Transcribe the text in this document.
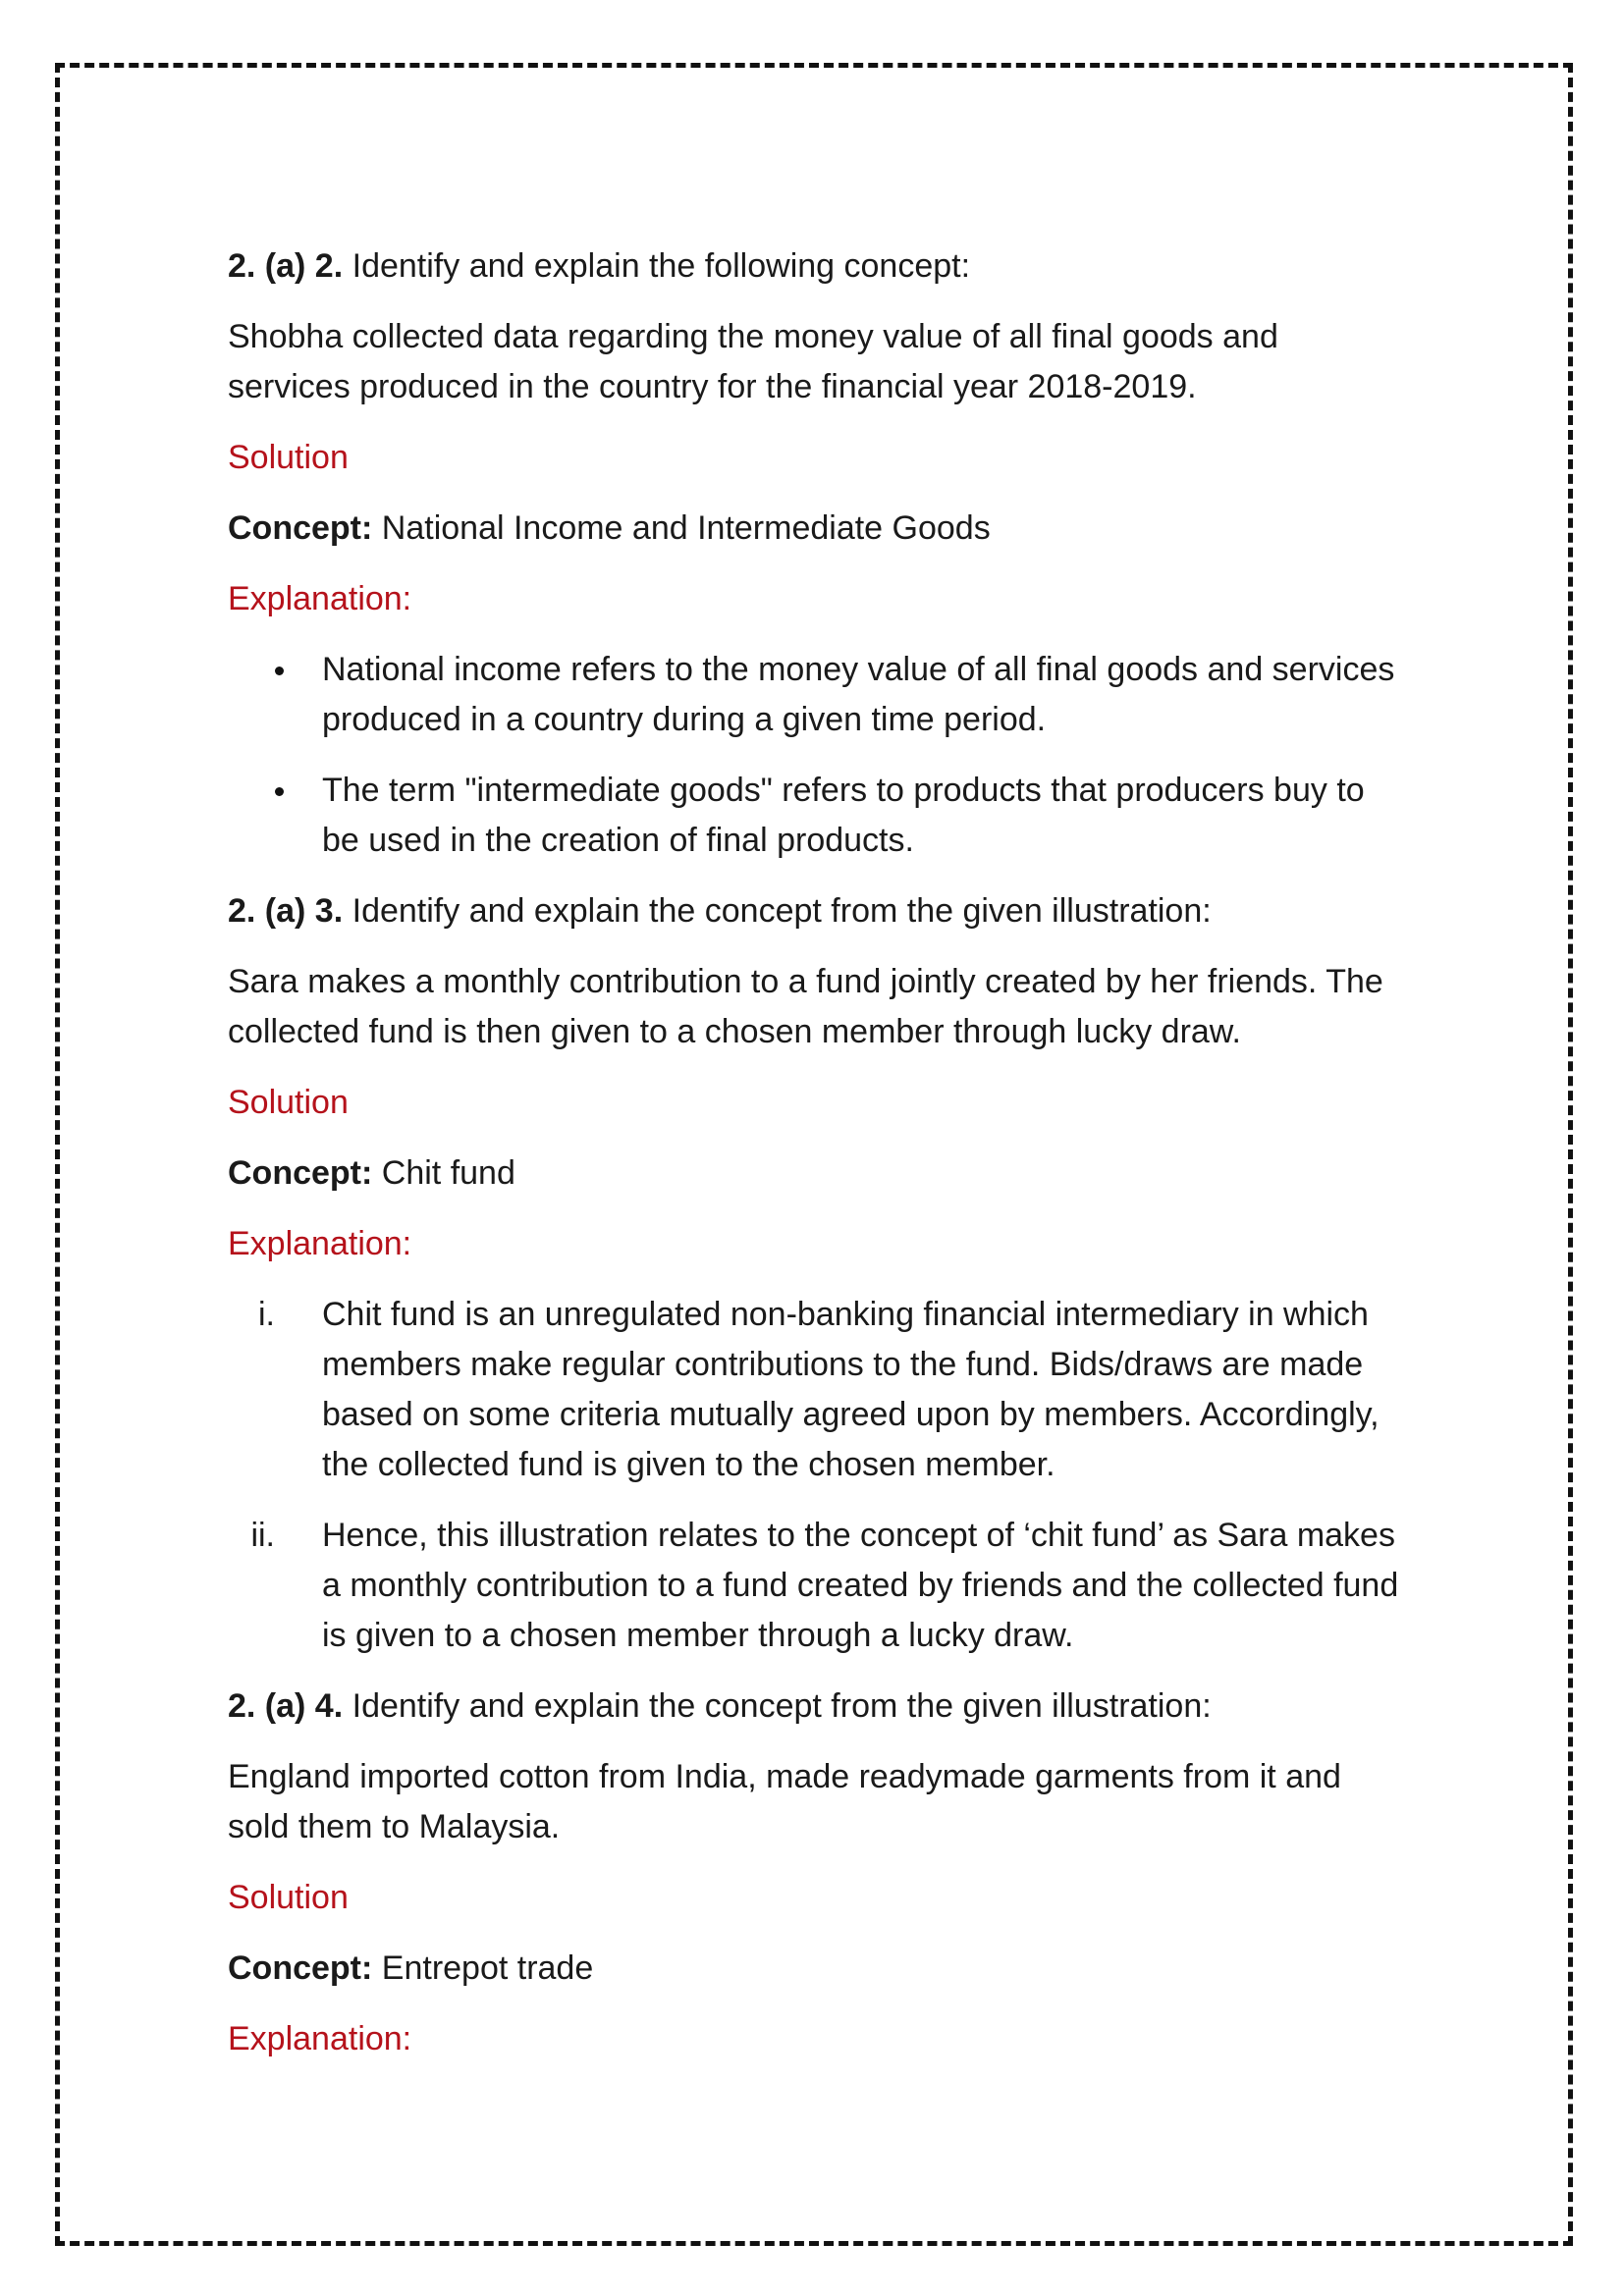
2. (a) 2. Identify and explain the following concept:

Shobha collected data regarding the money value of all final goods and services produced in the country for the financial year 2018-2019.

Solution

Concept: National Income and Intermediate Goods

Explanation:

National income refers to the money value of all final goods and services produced in a country during a given time period.
The term "intermediate goods" refers to products that producers buy to be used in the creation of final products.

2. (a) 3. Identify and explain the concept from the given illustration:

Sara makes a monthly contribution to a fund jointly created by her friends. The collected fund is then given to a chosen member through lucky draw.

Solution

Concept: Chit fund

Explanation:

i. Chit fund is an unregulated non-banking financial intermediary in which members make regular contributions to the fund. Bids/draws are made based on some criteria mutually agreed upon by members. Accordingly, the collected fund is given to the chosen member.
ii. Hence, this illustration relates to the concept of ‘chit fund’ as Sara makes a monthly contribution to a fund created by friends and the collected fund is given to a chosen member through a lucky draw.

2. (a) 4. Identify and explain the concept from the given illustration:

England imported cotton from India, made readymade garments from it and sold them to Malaysia.

Solution

Concept: Entrepot trade

Explanation:
